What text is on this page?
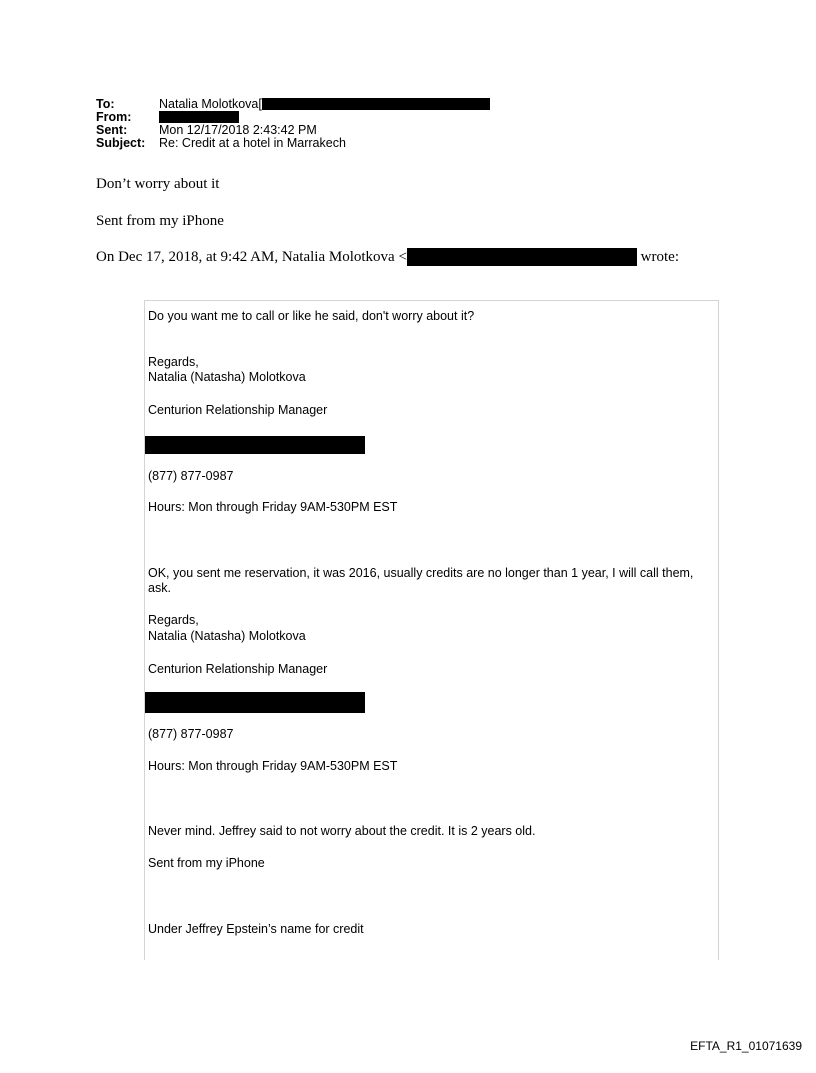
To:	Natalia Molotkova[
From:
Sent:	Mon 12/17/2018 2:43:42 PM
Subject: Re: Credit at a hotel in Marrakech
Don’t worry about it
Sent from my iPhone
On Dec 17, 2018, at 9:42 AM, Natalia Molotkova <	wrote:
Do you want me to call or like he said, don't worry about it?
Regards,
Natalia (Natasha) Molotkova
Centurion Relationship Manager
(877) 877-0987
Hours: Mon through Friday 9AM-530PM EST
OK, you sent me reservation, it was 2016, usually credits are no longer than 1 year, I will call them, ask.
Regards,
Natalia (Natasha) Molotkova
Centurion Relationship Manager
(877) 877-0987
Hours: Mon through Friday 9AM-530PM EST
Never mind. Jeffrey said to not worry about the credit. It is 2 years old.
Sent from my iPhone
Under Jeffrey Epstein’s name for credit
EFTA_R1_01071639
